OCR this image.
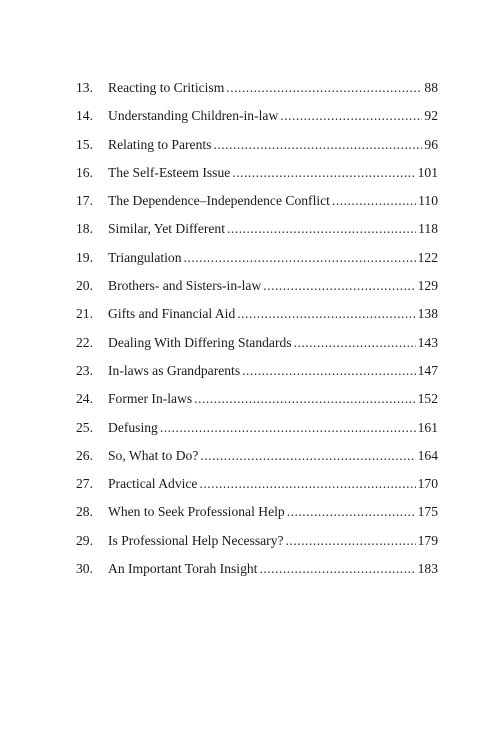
13.	Reacting to Criticism .....	88
14.	Understanding Children-in-law .....	92
15.	Relating to Parents .....	96
16.	The Self-Esteem Issue .....	101
17.	The Dependence–Independence Conflict .....	110
18.	Similar, Yet Different .....	118
19.	Triangulation .....	122
20.	Brothers- and Sisters-in-law .....	129
21.	Gifts and Financial Aid .....	138
22.	Dealing With Differing Standards .....	143
23.	In-laws as Grandparents .....	147
24.	Former In-laws .....	152
25.	Defusing .....	161
26.	So, What to Do? .....	164
27.	Practical Advice .....	170
28.	When to Seek Professional Help .....	175
29.	Is Professional Help Necessary? .....	179
30.	An Important Torah Insight .....	183
